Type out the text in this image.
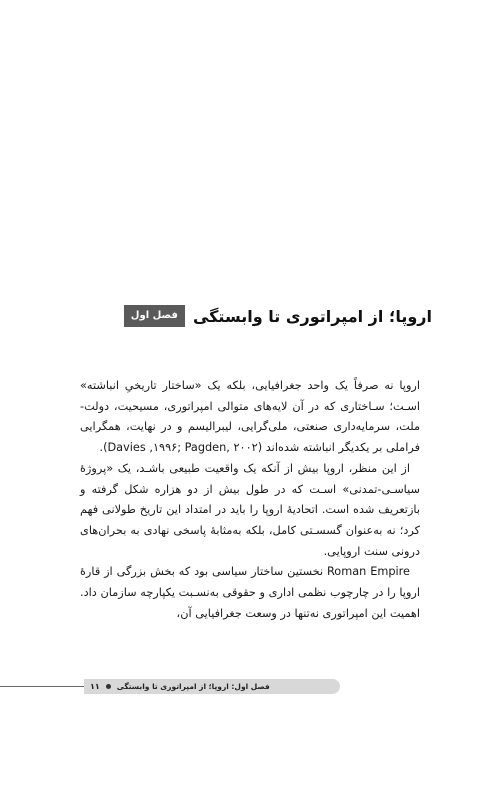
فصل اول اروپا؛ از امپراتوری تا وابستگی

اروپا نه صرفاً یک واحد جغرافیایی، بلکه یک «ساختار تاریخیِ انباشته» اسـت؛ سـاختاری که در آن لایه‌های متوالی امپراتوری، مسیحیت، دولت-ملت، سرمایه‌داری صنعتی، ملی‌گرایی، لیبرالیسم و در نهایت، همگرایی فراملی بر یکدیگر انباشته شده‌اند (Davies ,۱۹۹۶; Pagden, ۲۰۰۲).

از این منظر، اروپا بیش از آنکه یک واقعیت طبیعی باشـد، یک «پروژهٔ سیاسـی-تمدنی» اسـت که در طول بیش از دو هزاره شکل گرفته و بازتعریف شده است. اتحادیهٔ اروپا را باید در امتداد این تاریخ طولانی فهم کرد؛ نه به‌عنوان گسسـتی کامل، بلکه به‌مثابهٔ پاسخی نهادی به بحران‌های درونی سنت اروپایی.

Roman Empire نخستین ساختار سیاسی بود که بخش بزرگی از قارهٔ اروپا را در چارچوب نظمی اداری و حقوقی به‌نسـبت یکپارچه سازمان داد. اهمیت این امپراتوری نه‌تنها در وسعت جغرافیایی آن،

فصل اول: اروپا؛ از امپراتوری تا وابستگی
۱۱
